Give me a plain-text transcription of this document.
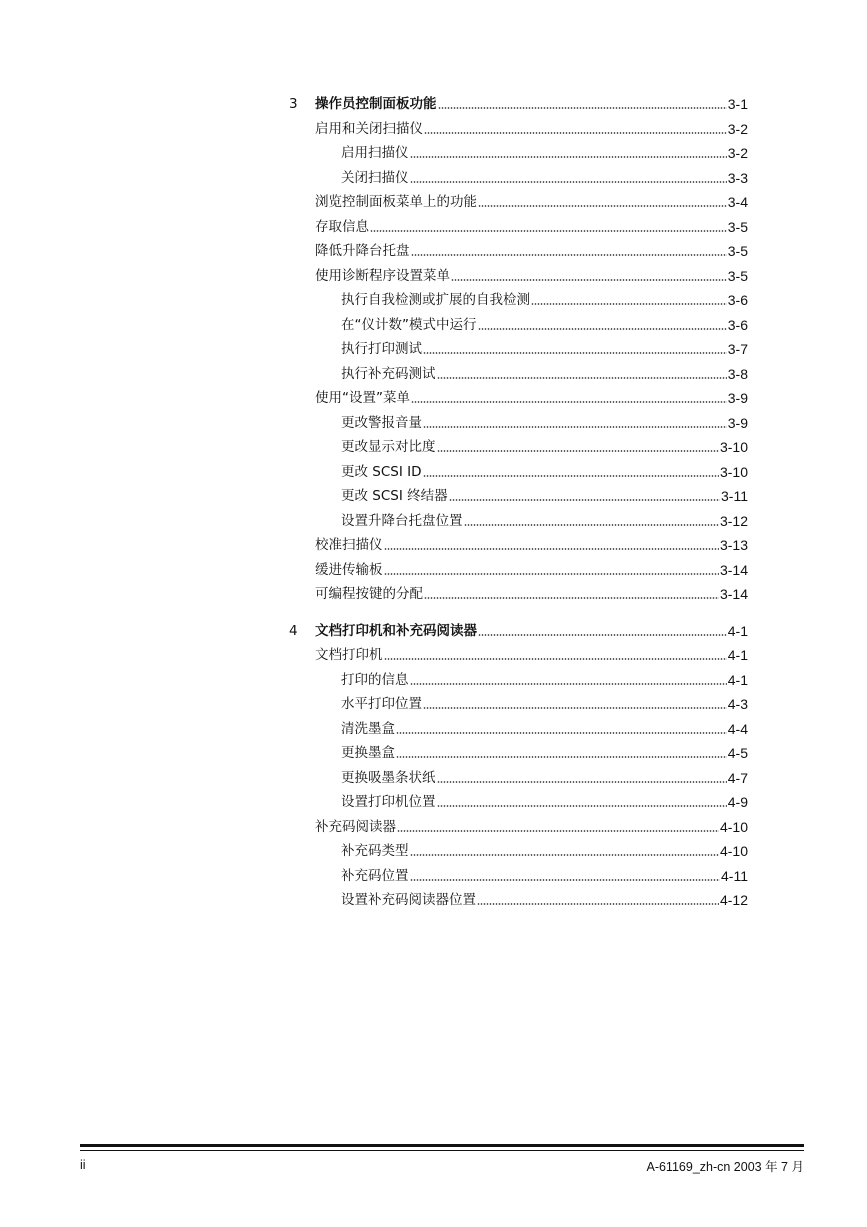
3 操作员控制面板功能	3-1
启用和关闭扫描仪	3-2
启用扫描仪	3-2
关闭扫描仪	3-3
浏览控制面板菜单上的功能	3-4
存取信息	3-5
降低升降台托盘	3-5
使用诊断程序设置菜单	3-5
执行自我检测或扩展的自我检测	3-6
在“仪计数”模式中运行	3-6
执行打印测试	3-7
执行补充码测试	3-8
使用“设置”菜单	3-9
更改警报音量	3-9
更改显示对比度	3-10
更改 SCSI ID	3-10
更改 SCSI 终结器	3-11
设置升降台托盘位置	3-12
校准扫描仪	3-13
缓进传输板	3-14
可编程按键的分配	3-14
4 文档打印机和补充码阅读器	4-1
文档打印机	4-1
打印的信息	4-1
水平打印位置	4-3
清洗墨盒	4-4
更换墨盒	4-5
更换吸墨条状纸	4-7
设置打印机位置	4-9
补充码阅读器	4-10
补充码类型	4-10
补充码位置	4-11
设置补充码阅读器位置	4-12
ii	A-61169_zh-cn 2003 年 7 月
